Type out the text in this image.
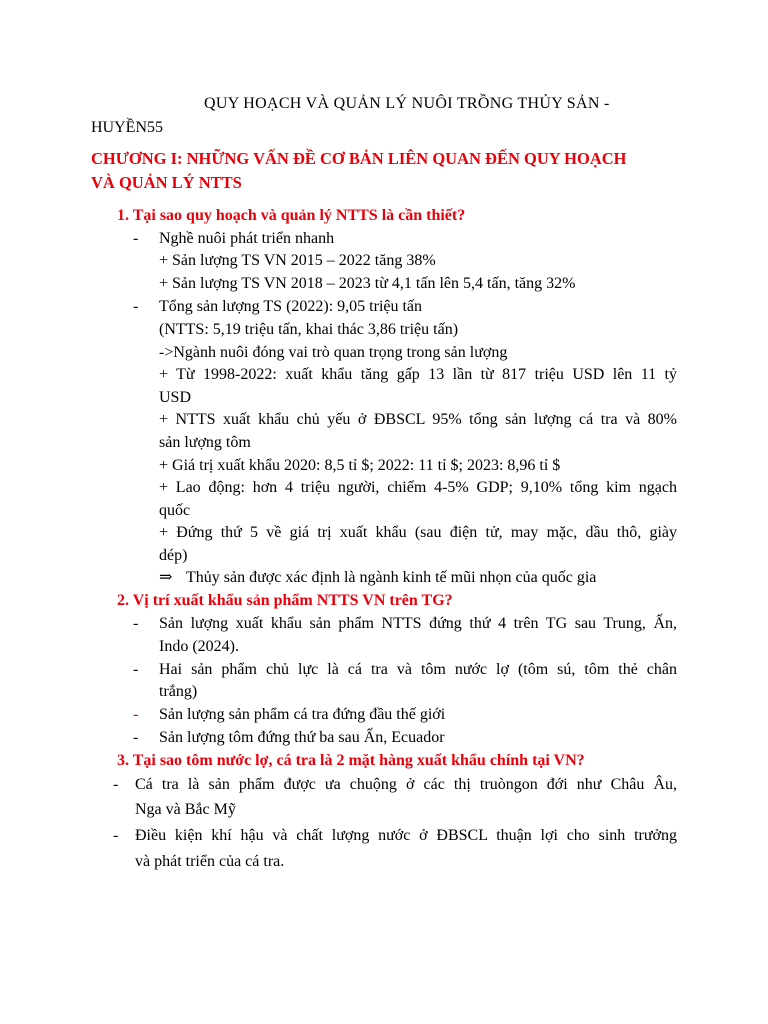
QUY HOẠCH VÀ QUẢN LÝ NUÔI TRỒNG THỦY SẢN -
HUYỀN55
CHƯƠNG I: NHỮNG VẤN ĐỀ CƠ BẢN LIÊN QUAN ĐẾN QUY HOẠCH
VÀ QUẢN LÝ NTTS
1. Tại sao quy hoạch và quản lý NTTS là cần thiết?
- Nghề nuôi phát triển nhanh
+ Sản lượng TS VN 2015 – 2022 tăng 38%
+ Sản lượng TS VN 2018 – 2023 từ 4,1 tấn lên 5,4 tấn, tăng 32%
- Tổng sản lượng TS (2022): 9,05 triệu tấn
(NTTS: 5,19 triệu tấn, khai thác 3,86 triệu tấn)
->Ngành nuôi đóng vai trò quan trọng trong sản lượng
+ Từ 1998-2022: xuất khẩu tăng gấp 13 lần từ 817 triệu USD lên 11 tỷ
USD
+ NTTS xuất khẩu chủ yếu ở ĐBSCL 95% tổng sản lượng cá tra và 80%
sản lượng tôm
+ Giá trị xuất khẩu 2020: 8,5 tỉ $; 2022: 11 tỉ $; 2023: 8,96 tỉ $
+ Lao động: hơn 4 triệu người, chiếm 4-5% GDP; 9,10% tổng kim ngạch
quốc
+ Đứng thứ 5 về giá trị xuất khẩu (sau điện tử, may mặc, dầu thô, giày
dép)
⇒ Thủy sản được xác định là ngành kinh tế mũi nhọn của quốc gia
2. Vị trí xuất khẩu sản phẩm NTTS VN trên TG?
- Sản lượng xuất khẩu sản phẩm NTTS đứng thứ 4 trên TG sau Trung, Ấn,
Indo (2024).
- Hai sản phẩm chủ lực là cá tra và tôm nước lợ (tôm sú, tôm thẻ chân
trắng)
- Sản lượng sản phẩm cá tra đứng đầu thế giới
- Sản lượng tôm đứng thứ ba sau Ấn, Ecuador
3. Tại sao tôm nước lợ, cá tra là 2 mặt hàng xuất khẩu chính tại VN?
- Cá tra là sản phẩm được ưa chuộng ở các thị truòngon đới như Châu Âu,
Nga và Bắc Mỹ
- Điều kiện khí hậu và chất lượng nước ở ĐBSCL thuận lợi cho sinh trưởng
và phát triển của cá tra.
